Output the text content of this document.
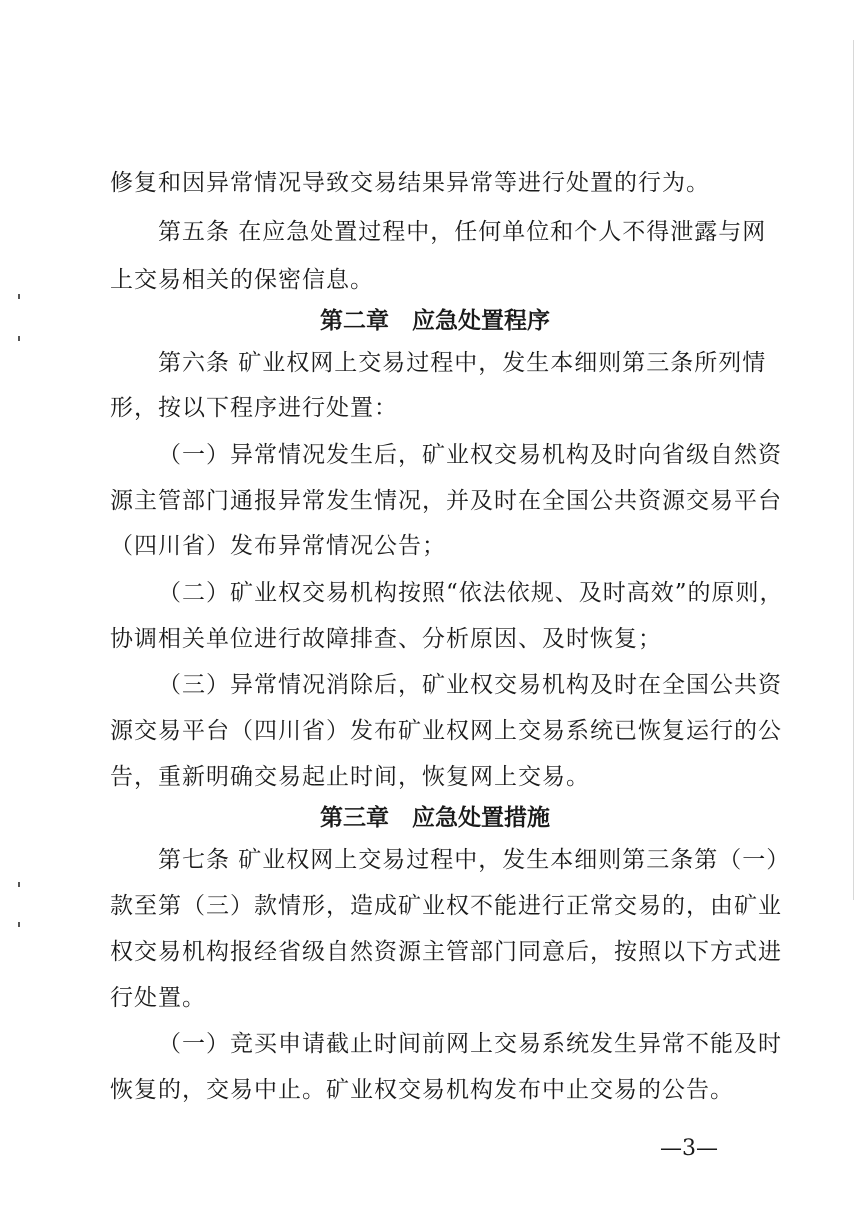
修复和因异常情况导致交易结果异常等进行处置的行为。
第五条 在应急处置过程中，任何单位和个人不得泄露与网
上交易相关的保密信息。
第二章　应急处置程序
第六条 矿业权网上交易过程中，发生本细则第三条所列情
形，按以下程序进行处置：
（一）异常情况发生后，矿业权交易机构及时向省级自然资
源主管部门通报异常发生情况，并及时在全国公共资源交易平台
（四川省）发布异常情况公告；
（二）矿业权交易机构按照“依法依规、及时高效”的原则，
协调相关单位进行故障排查、分析原因、及时恢复；
（三）异常情况消除后，矿业权交易机构及时在全国公共资
源交易平台（四川省）发布矿业权网上交易系统已恢复运行的公
告，重新明确交易起止时间，恢复网上交易。
第三章　应急处置措施
第七条 矿业权网上交易过程中，发生本细则第三条第（一）
款至第（三）款情形，造成矿业权不能进行正常交易的，由矿业
权交易机构报经省级自然资源主管部门同意后，按照以下方式进
行处置。
（一）竞买申请截止时间前网上交易系统发生异常不能及时
恢复的，交易中止。矿业权交易机构发布中止交易的公告。
—3—
